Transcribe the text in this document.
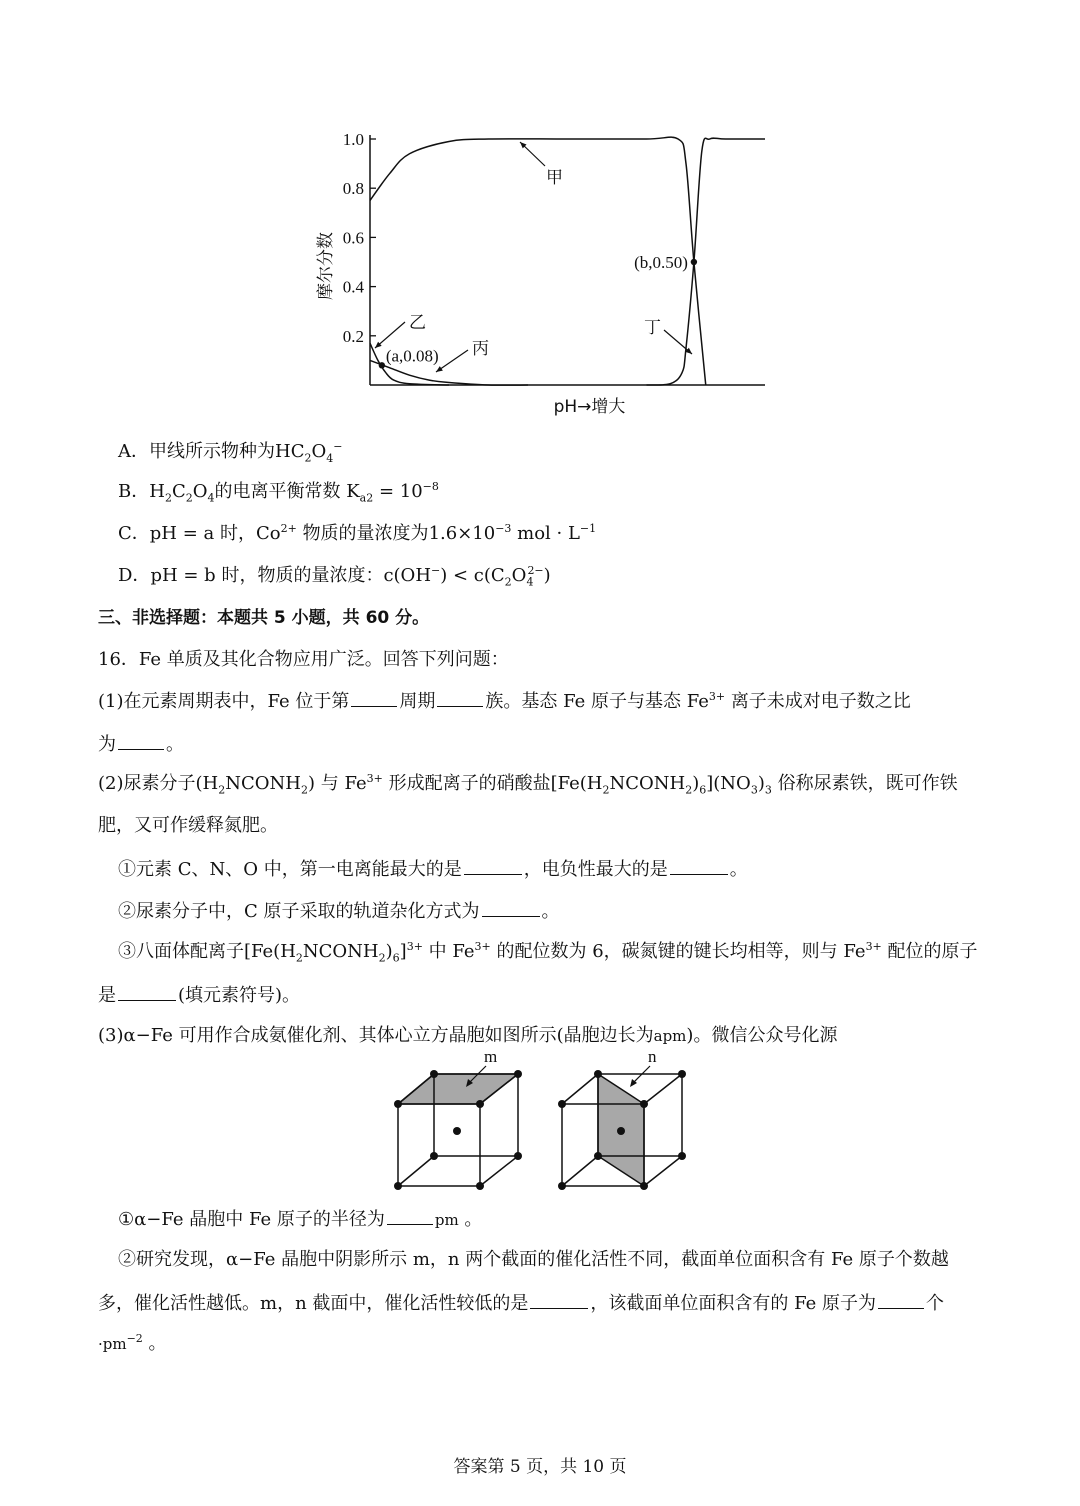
1.0
0.8
0.6
0.4
0.2
摩尔分数
pH→增大
(a,0.08)
(b,0.50)
甲
乙
丙
丁
A．甲线所示物种为$HC_2O_4^-$
B．$H_2C_2O_4$的电离平衡常数 $K_{a2} = 10^{-8}$
C．pH = a 时，$Co^{2+}$ 物质的量浓度为$1.6\times 10^{-3}$ mol · $L^{-1}$
D．pH = b 时，物质的量浓度：$c(OH^-) < c(C_2O_4^{2-})$
三、非选择题：本题共 5 小题，共 60 分。
16．Fe 单质及其化合物应用广泛。回答下列问题：
(1)在元素周期表中，Fe 位于第	周期	族。基态 Fe 原子与基态 $Fe^{3+}$ 离子未成对电子数之比
为	。
(2)尿素分子$(H_2NCONH_2)$ 与 $Fe^{3+}$ 形成配离子的硝酸盐$[Fe(H_2NCONH_2)_6](NO_3)_3$ 俗称尿素铁，既可作铁
肥，又可作缓释氮肥。
①元素 C、N、O 中，第一电离能最大的是	，电负性最大的是	。
②尿素分子中，C 原子采取的轨道杂化方式为	。
③八面体配离子$[Fe(H_2NCONH_2)_6]^{3+}$ 中 $Fe^{3+}$ 的配位数为 6，碳氮键的键长均相等，则与 $Fe^{3+}$ 配位的原子
是	(填元素符号)。
(3)α−Fe 可用作合成氨催化剂、其体心立方晶胞如图所示(晶胞边长为apm)。微信公众号化源
m	n
①α−Fe 晶胞中 Fe 原子的半径为	pm 。
②研究发现，α−Fe 晶胞中阴影所示 m，n 两个截面的催化活性不同，截面单位面积含有 Fe 原子个数越
多，催化活性越低。m，n 截面中，催化活性较低的是	，该截面单位面积含有的 Fe 原子为	个
$\cdot pm^{-2}$ 。
答案第 5 页，共 10 页
